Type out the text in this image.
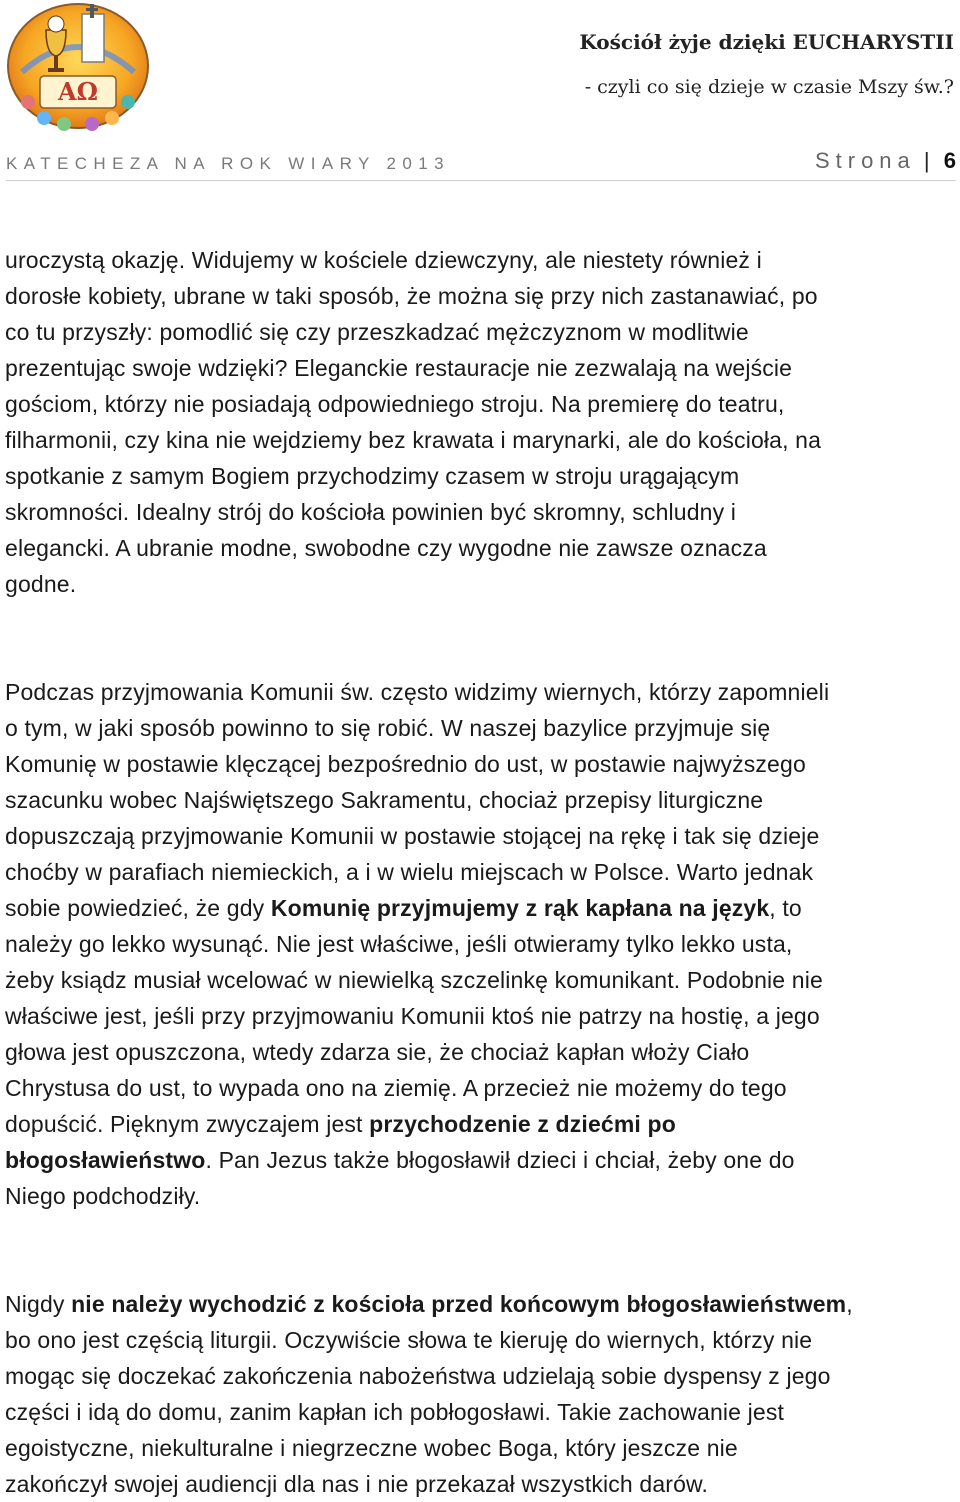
AΩ
Kościół żyje dzięki EUCHARYSTII
- czyli co się dzieje w czasie Mszy św.?
KATECHEZA NA ROK WIARY 2013	Strona | 6

uroczystą okazję. Widujemy w kościele dziewczyny, ale niestety również i
dorosłe kobiety, ubrane w taki sposób, że można się przy nich zastanawiać, po
co tu przyszły: pomodlić się czy przeszkadzać mężczyznom w modlitwie
prezentując swoje wdzięki? Eleganckie restauracje nie zezwalają na wejście
gościom, którzy nie posiadają odpowiedniego stroju. Na premierę do teatru,
filharmonii, czy kina nie wejdziemy bez krawata i marynarki, ale do kościoła, na
spotkanie z samym Bogiem przychodzimy czasem w stroju urągającym
skromności. Idealny strój do kościoła powinien być skromny, schludny i
elegancki. A ubranie modne, swobodne czy wygodne nie zawsze oznacza
godne.

Podczas przyjmowania Komunii św. często widzimy wiernych, którzy zapomnieli
o tym, w jaki sposób powinno to się robić. W naszej bazylice przyjmuje się
Komunię w postawie klęczącej bezpośrednio do ust, w postawie najwyższego
szacunku wobec Najświętszego Sakramentu, chociaż przepisy liturgiczne
dopuszczają przyjmowanie Komunii w postawie stojącej na rękę i tak się dzieje
choćby w parafiach niemieckich, a i w wielu miejscach w Polsce. Warto jednak
sobie powiedzieć, że gdy Komunię przyjmujemy z rąk kapłana na język, to
należy go lekko wysunąć. Nie jest właściwe, jeśli otwieramy tylko lekko usta,
żeby ksiądz musiał wcelować w niewielką szczelinkę komunikant. Podobnie nie
właściwe jest, jeśli przy przyjmowaniu Komunii ktoś nie patrzy na hostię, a jego
głowa jest opuszczona, wtedy zdarza sie, że chociaż kapłan włoży Ciało
Chrystusa do ust, to wypada ono na ziemię. A przecież nie możemy do tego
dopuścić. Pięknym zwyczajem jest przychodzenie z dziećmi po
błogosławieństwo. Pan Jezus także błogosławił dzieci i chciał, żeby one do
Niego podchodziły.

Nigdy nie należy wychodzić z kościoła przed końcowym błogosławieństwem,
bo ono jest częścią liturgii. Oczywiście słowa te kieruję do wiernych, którzy nie
mogąc się doczekać zakończenia nabożeństwa udzielają sobie dyspensy z jego
części i idą do domu, zanim kapłan ich pobłogosławi. Takie zachowanie jest
egoistyczne, niekulturalne i niegrzeczne wobec Boga, który jeszcze nie
zakończył swojej audiencji dla nas i nie przekazał wszystkich darów.
